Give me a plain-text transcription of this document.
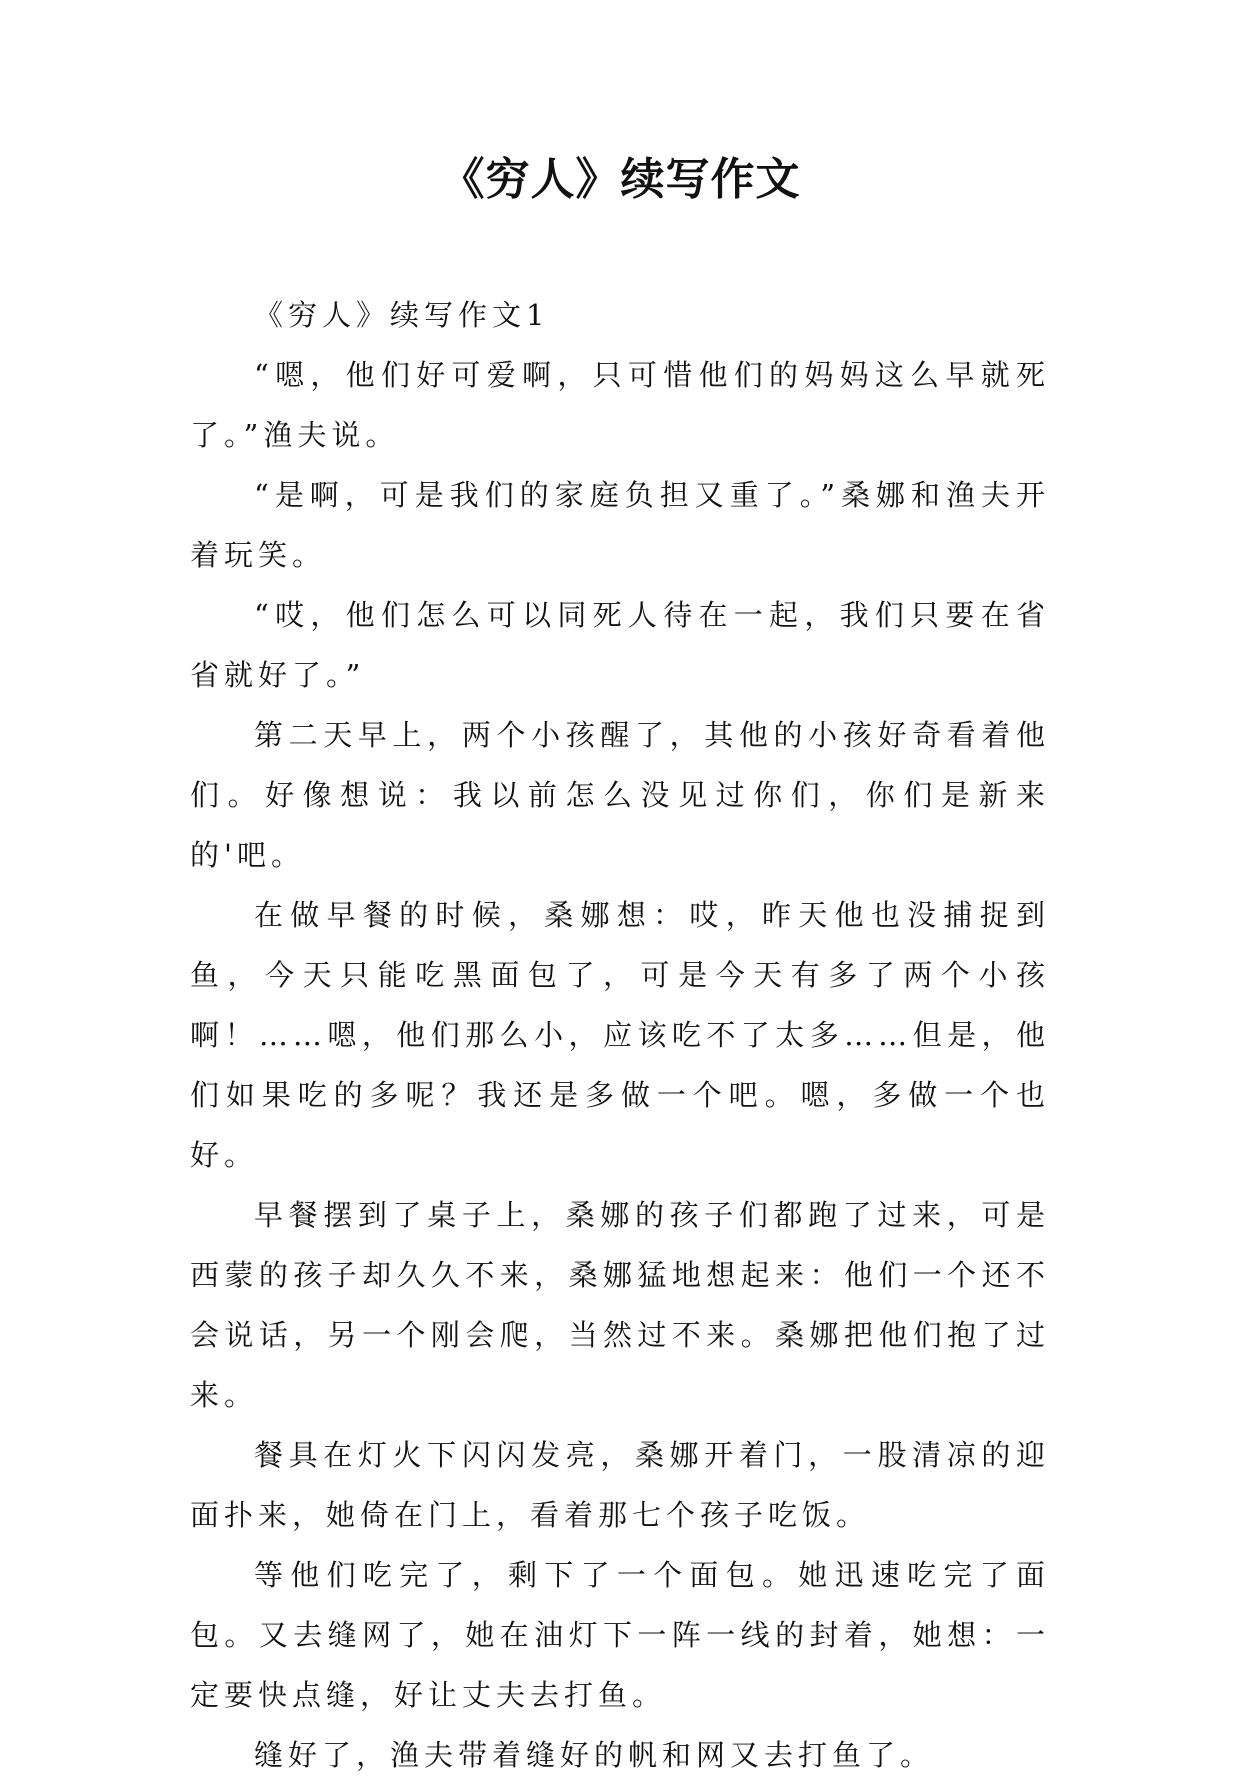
《穷人》续写作文

《穷人》续写作文1

“嗯，他们好可爱啊，只可惜他们的妈妈这么早就死了。”渔夫说。

“是啊，可是我们的家庭负担又重了。”桑娜和渔夫开着玩笑。

“哎，他们怎么可以同死人待在一起，我们只要在省省就好了。”

第二天早上，两个小孩醒了，其他的小孩好奇看着他们。好像想说：我以前怎么没见过你们，你们是新来的'吧。

在做早餐的时候，桑娜想：哎，昨天他也没捕捉到鱼，今天只能吃黑面包了，可是今天有多了两个小孩啊！……嗯，他们那么小，应该吃不了太多……但是，他们如果吃的多呢？我还是多做一个吧。嗯，多做一个也好。

早餐摆到了桌子上，桑娜的孩子们都跑了过来，可是西蒙的孩子却久久不来，桑娜猛地想起来：他们一个还不会说话，另一个刚会爬，当然过不来。桑娜把他们抱了过来。

餐具在灯火下闪闪发亮，桑娜开着门，一股清凉的迎面扑来，她倚在门上，看着那七个孩子吃饭。

等他们吃完了，剩下了一个面包。她迅速吃完了面包。又去缝网了，她在油灯下一阵一线的封着，她想：一定要快点缝，好让丈夫去打鱼。

缝好了，渔夫带着缝好的帆和网又去打鱼了。
